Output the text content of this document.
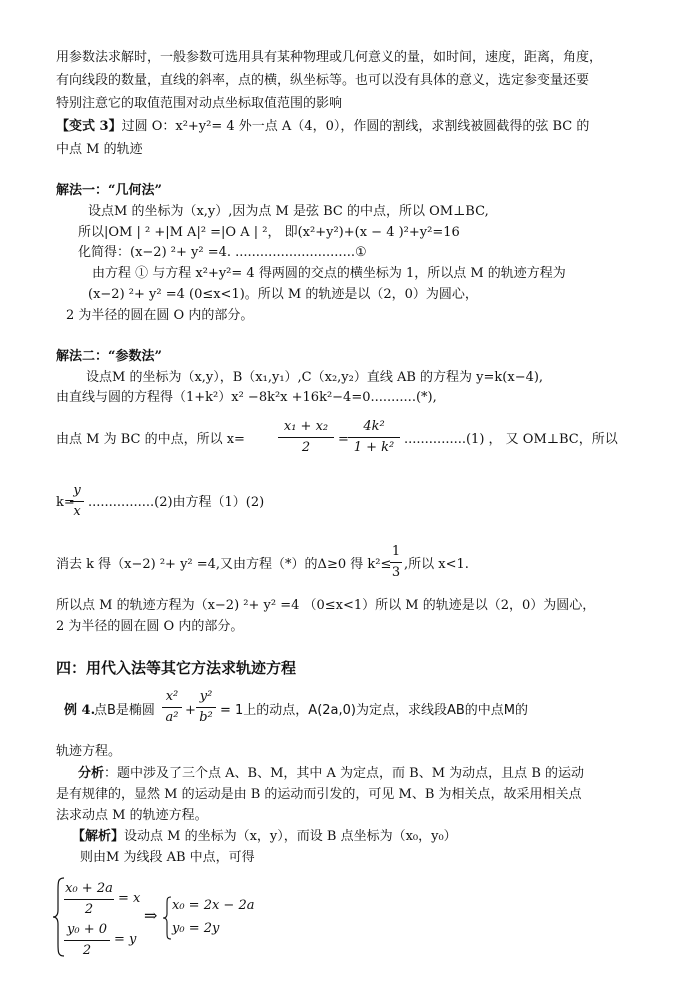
用参数法求解时，一般参数可选用具有某种物理或几何意义的量，如时间，速度，距离，角度，
有向线段的数量，直线的斜率，点的横，纵坐标等。也可以没有具体的意义，选定参变量还要
特别注意它的取值范围对动点坐标取值范围的影响
【变式 3】过圆 O：x²+y²= 4 外一点 A（4，0），作圆的割线，求割线被圆截得的弦 BC 的
中点 M 的轨迹
解法一：“几何法”
设点M 的坐标为（x,y）,因为点 M 是弦 BC 的中点，所以 OM⊥BC,
所以|OM | ² +|M A|² =|O A | ²， 即(x²+y²)+(x − 4 )²+y²=16
化简得：(x−2) ²+ y² =4. .............................①
由方程 ① 与方程 x²+y²= 4 得两圆的交点的横坐标为 1，所以点 M 的轨迹方程为
(x−2) ²+ y² =4 (0≤x<1)。所以 M 的轨迹是以（2，0）为圆心，
2 为半径的圆在圆 O 内的部分。
解法二：“参数法”
设点M 的坐标为（x,y），B（x₁,y₁）,C（x₂,y₂）直线 AB 的方程为 y=k(x−4),
由直线与圆的方程得（1+k²）x² −8k²x +16k²−4=0...........(*),
由点 M 为 BC 的中点，所以 x=
x₁ + x₂
2
=
4k²
1 + k²
...............(1) ， 又 OM⊥BC，所以
k=
y
x
................(2)由方程（1）(2)
消去 k 得（x−2) ²+ y² =4,又由方程（*）的Δ≥0 得 k²≤
1
3
,所以 x<1.
所以点 M 的轨迹方程为（x−2) ²+ y² =4 （0≤x<1）所以 M 的轨迹是以（2，0）为圆心，
2 为半径的圆在圆 O 内的部分。
四：用代入法等其它方法求轨迹方程
例 4.
点B是椭圆
x²
a² +
y²
b² = 1上的动点，A(2a,0)为定点，求线段AB的中点M的
轨迹方程。
分析：题中涉及了三个点 A、B、M，其中 A 为定点，而 B、M 为动点，且点 B 的运动
是有规律的，显然 M 的运动是由 B 的运动而引发的，可见 M、B 为相关点，故采用相关点
法求动点 M 的轨迹方程。
【解析】设动点 M 的坐标为（x，y），而设 B 点坐标为（x₀，y₀）
则由M 为线段 AB 中点，可得
x₀ + 2a
2
= x
y₀ + 0
2
= y
⇒
x₀ = 2x − 2a
y₀ = 2y
